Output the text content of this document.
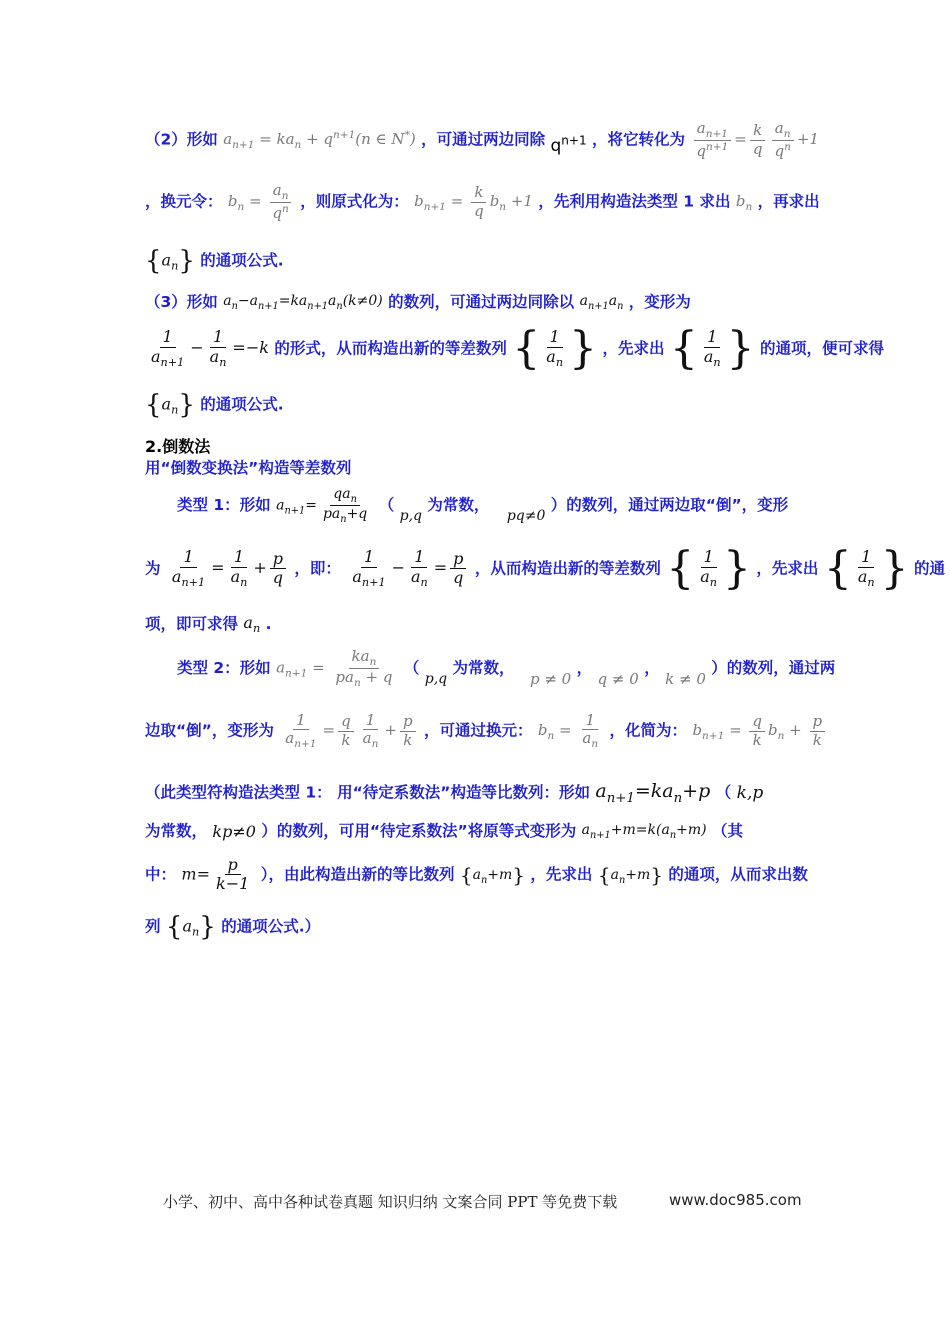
（2）形如 $a_{n+1} = ka_n + q^{n+1}(n$ ∈ N*) ，可通过两边同除 $q^{n+1}$ ，将它转化为 $\frac{a_{n+1}}{q^{n+1}} = \frac{k}{q} \frac{a_n}{q^n} +1$
，换元令： $b_n = \frac{a_n}{q^n}$ ，则原式化为： $b_{n+1} = \frac{k}{q} b_n +1$ ，先利用构造法类型 1 求出 $b_n$ ，再求出
$\{a_n\}$ 的通项公式.
（3）形如 $a_n-a_{n+1}=ka_{n+1}a_n(k\ne 0)$ 的数列，可通过两边同除以 $a_{n+1}a_n$ ，变形为
$\frac{1}{a_{n+1}} - \frac{1}{a_n} =-k$ 的形式，从而构造出新的等差数列 { $\frac{1}{a_n}$ } ，先求出 { $\frac{1}{a_n}$ } 的通项，便可求得
$\{a_n\}$ 的通项公式.
2.倒数法
用“倒数变换法”构造等差数列
类型 1：形如 $a_{n+1}= \frac{qa_n}{pa_n+q}$ （ p,q 为常数， pq≠0 ）的数列，通过两边取“倒”，变形
为 $\frac{1}{a_{n+1}} = \frac{1}{a_n} + \frac{p}{q}$ ，即： $\frac{1}{a_{n+1}} - \frac{1}{a_n} = \frac{p}{q}$ ，从而构造出新的等差数列 { $\frac{1}{a_n}$ } ，先求出 { $\frac{1}{a_n}$ } 的通
项，即可求得 $a_n$ .
类型 2：形如 $a_{n+1} = \frac{ka_n}{pa_n + q}$ （ p,q 为常数， p ≠ 0 ， q ≠ 0 ， k ≠ 0 ）的数列，通过两
边取“倒”，变形为 $\frac{1}{a_{n+1}} = \frac{q}{k} \frac{1}{a_n} + \frac{p}{k}$ ，可通过换元： $b_n = \frac{1}{a_n}$ ，化简为： $b_{n+1} = \frac{q}{k} b_n + \frac{p}{k}$
（此类型符构造法类型 1： 用“待定系数法”构造等比数列：形如 $a_{n+1}=ka_n+p$ （ k,p
为常数， kp≠0 ）的数列，可用“待定系数法”将原等式变形为 $a_{n+1}+m=k(a_n+m)$ （其
中： $m= \frac{p}{k-1}$ ），由此构造出新的等比数列 $\{a_n+m\}$ ，先求出 $\{a_n+m\}$ 的通项，从而求出数
列 $\{a_n\}$ 的通项公式.）
小学、初中、高中各种试卷真题 知识归纳 文案合同 PPT 等免费下载	www.doc985.com
